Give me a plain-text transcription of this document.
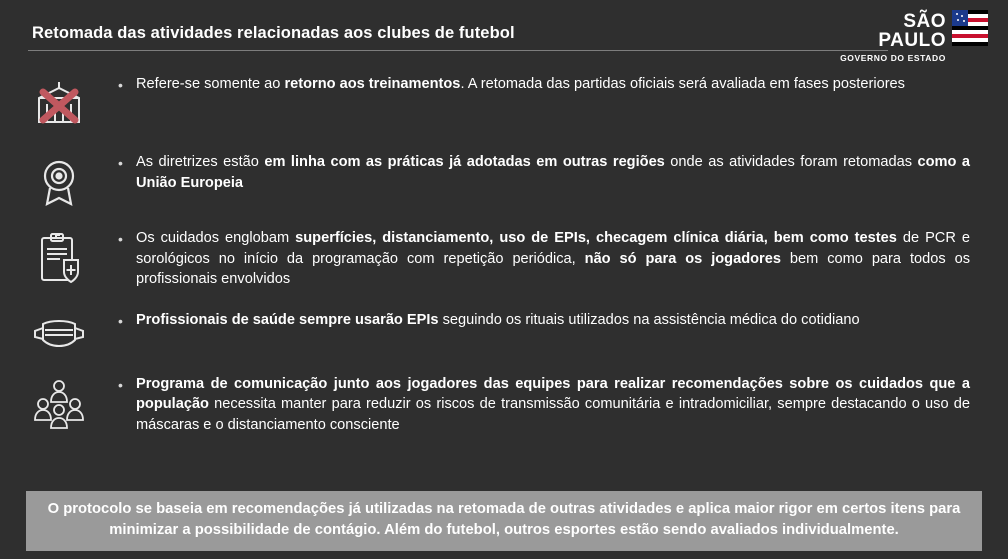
Retomada das atividades relacionadas aos clubes de futebol
SÃO PAULO
GOVERNO DO ESTADO
• Refere-se somente ao retorno aos treinamentos. A retomada das partidas oficiais será avaliada em fases posteriores
• As diretrizes estão em linha com as práticas já adotadas em outras regiões onde as atividades foram retomadas como a União Europeia
• Os cuidados englobam superfícies, distanciamento, uso de EPIs, checagem clínica diária, bem como testes de PCR e sorológicos no início da programação com repetição periódica, não só para os jogadores bem como para todos os profissionais envolvidos
• Profissionais de saúde sempre usarão EPIs seguindo os rituais utilizados na assistência médica do cotidiano
• Programa de comunicação junto aos jogadores das equipes para realizar recomendações sobre os cuidados que a população necessita manter para reduzir os riscos de transmissão comunitária e intradomiciliar, sempre destacando o uso de máscaras e o distanciamento consciente
O protocolo se baseia em recomendações já utilizadas na retomada de outras atividades e aplica maior rigor em certos itens para minimizar a possibilidade de contágio. Além do futebol, outros esportes estão sendo avaliados individualmente.
